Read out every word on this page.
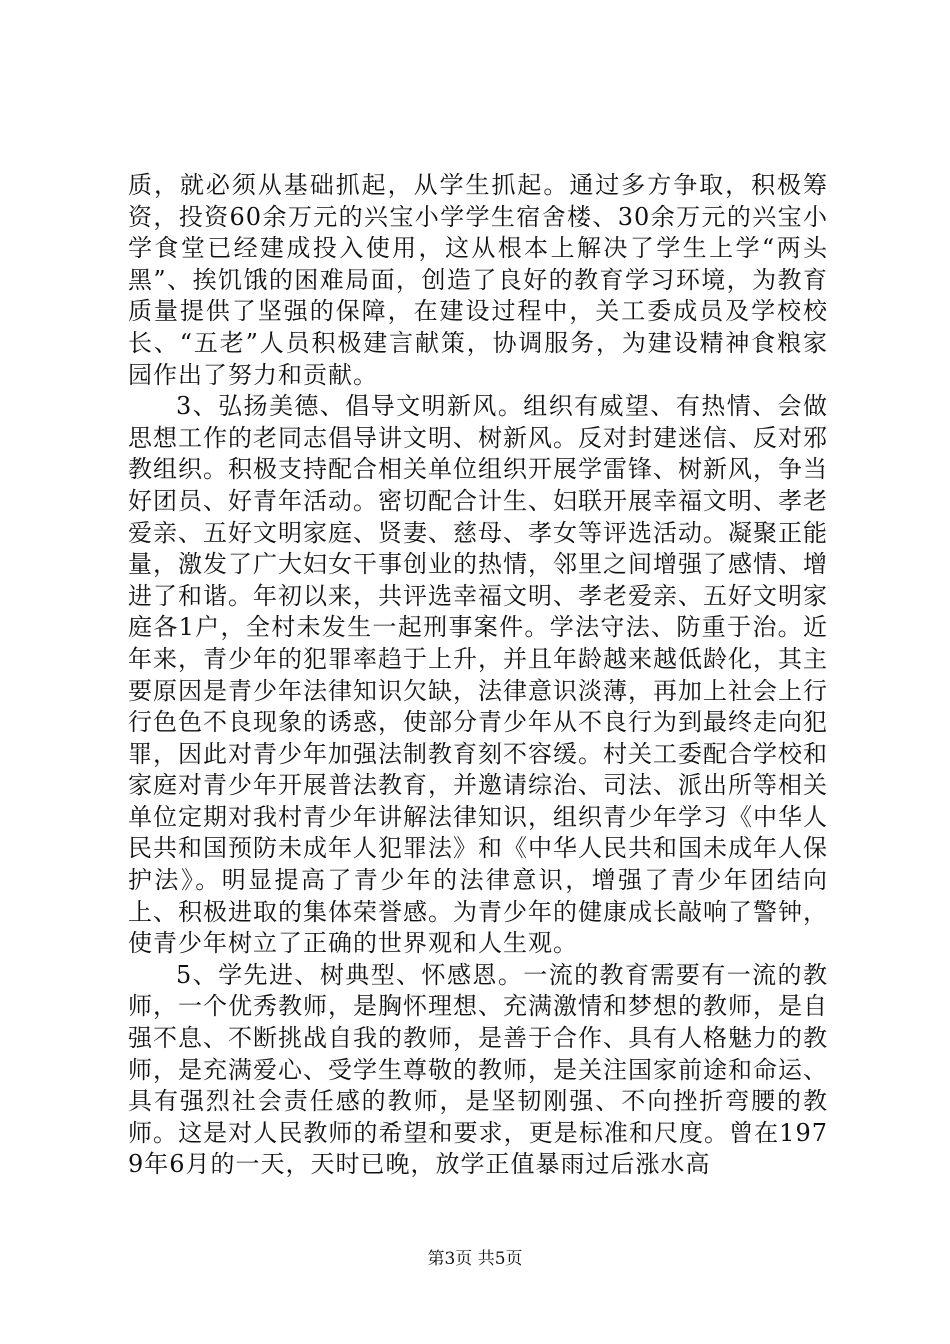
质，就必须从基础抓起，从学生抓起。通过多方争取，积极筹资，投资60余万元的兴宝小学学生宿舍楼、30余万元的兴宝小学食堂已经建成投入使用，这从根本上解决了学生上学“两头黑”、挨饥饿的困难局面，创造了良好的教育学习环境，为教育质量提供了坚强的保障，在建设过程中，关工委成员及学校校长、“五老”人员积极建言献策，协调服务，为建设精神食粮家园作出了努力和贡献。

3、弘扬美德、倡导文明新风。组织有威望、有热情、会做思想工作的老同志倡导讲文明、树新风。反对封建迷信、反对邪教组织。积极支持配合相关单位组织开展学雷锋、树新风，争当好团员、好青年活动。密切配合计生、妇联开展幸福文明、孝老爱亲、五好文明家庭、贤妻、慈母、孝女等评选活动。凝聚正能量，激发了广大妇女干事创业的热情，邻里之间增强了感情、增进了和谐。年初以来，共评选幸福文明、孝老爱亲、五好文明家庭各1户，全村未发生一起刑事案件。学法守法、防重于治。近年来，青少年的犯罪率趋于上升，并且年龄越来越低龄化，其主要原因是青少年法律知识欠缺，法律意识淡薄，再加上社会上行行色色不良现象的诱惑，使部分青少年从不良行为到最终走向犯罪，因此对青少年加强法制教育刻不容缓。村关工委配合学校和家庭对青少年开展普法教育，并邀请综治、司法、派出所等相关单位定期对我村青少年讲解法律知识，组织青少年学习《中华人民共和国预防未成年人犯罪法》和《中华人民共和国未成年人保护法》。明显提高了青少年的法律意识，增强了青少年团结向上、积极进取的集体荣誉感。为青少年的健康成长敲响了警钟，使青少年树立了正确的世界观和人生观。

5、学先进、树典型、怀感恩。一流的教育需要有一流的教师，一个优秀教师，是胸怀理想、充满激情和梦想的教师，是自强不息、不断挑战自我的教师，是善于合作、具有人格魅力的教师，是充满爱心、受学生尊敬的教师，是关注国家前途和命运、具有强烈社会责任感的教师，是坚韧刚强、不向挫折弯腰的教师。这是对人民教师的希望和要求，更是标准和尺度。曾在1979年6月的一天，天时已晚，放学正值暴雨过后涨水高

第3页 共5页
